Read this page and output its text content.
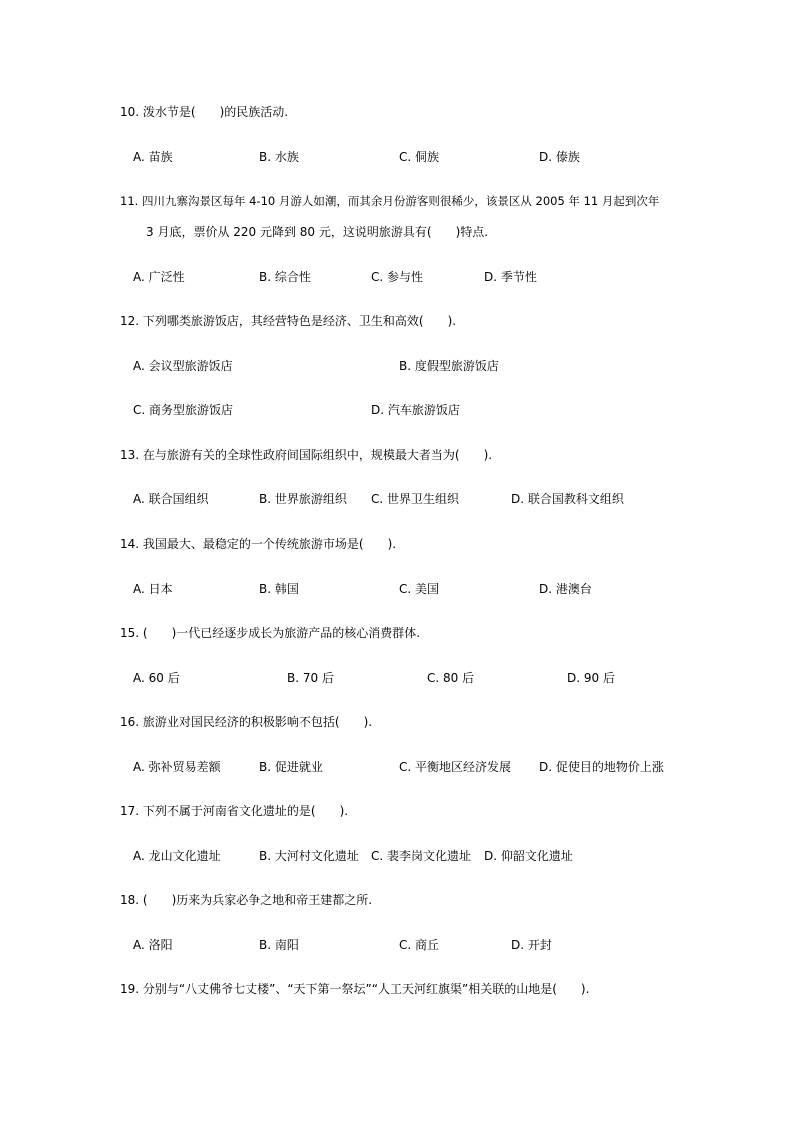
10. 泼水节是(　　)的民族活动.
A. 苗族	B. 水族	C. 侗族	D. 傣族
11. 四川九寨沟景区每年 4-10 月游人如潮，而其余月份游客则很稀少，该景区从 2005 年 11 月起到次年
3 月底，票价从 220 元降到 80 元，这说明旅游具有(　　)特点.
A. 广泛性	B. 综合性	C. 参与性	D. 季节性
12. 下列哪类旅游饭店，其经营特色是经济、卫生和高效(　　).
A. 会议型旅游饭店	B. 度假型旅游饭店
C. 商务型旅游饭店	D. 汽车旅游饭店
13. 在与旅游有关的全球性政府间国际组织中，规模最大者当为(　　).
A. 联合国组织	B. 世界旅游组织 C. 世界卫生组织	D. 联合国教科文组织
14. 我国最大、最稳定的一个传统旅游市场是(　　).
A. 日本	B. 韩国	C. 美国	D. 港澳台
15. (　　)一代已经逐步成长为旅游产品的核心消费群体.
A. 60 后	B. 70 后	C. 80 后	D. 90 后
16. 旅游业对国民经济的积极影响不包括(　　).
A. 弥补贸易差额	B. 促进就业	C. 平衡地区经济发展 D. 促使目的地物价上涨
17. 下列不属于河南省文化遗址的是(　　).
A. 龙山文化遗址	B. 大河村文化遗址 C. 裴李岗文化遗址 D. 仰韶文化遗址
18. (　　)历来为兵家必争之地和帝王建都之所.
A. 洛阳	B. 南阳	C. 商丘	D. 开封
19. 分别与“八丈佛爷七丈楼”、“天下第一祭坛”“人工天河红旗渠”相关联的山地是(　　).
